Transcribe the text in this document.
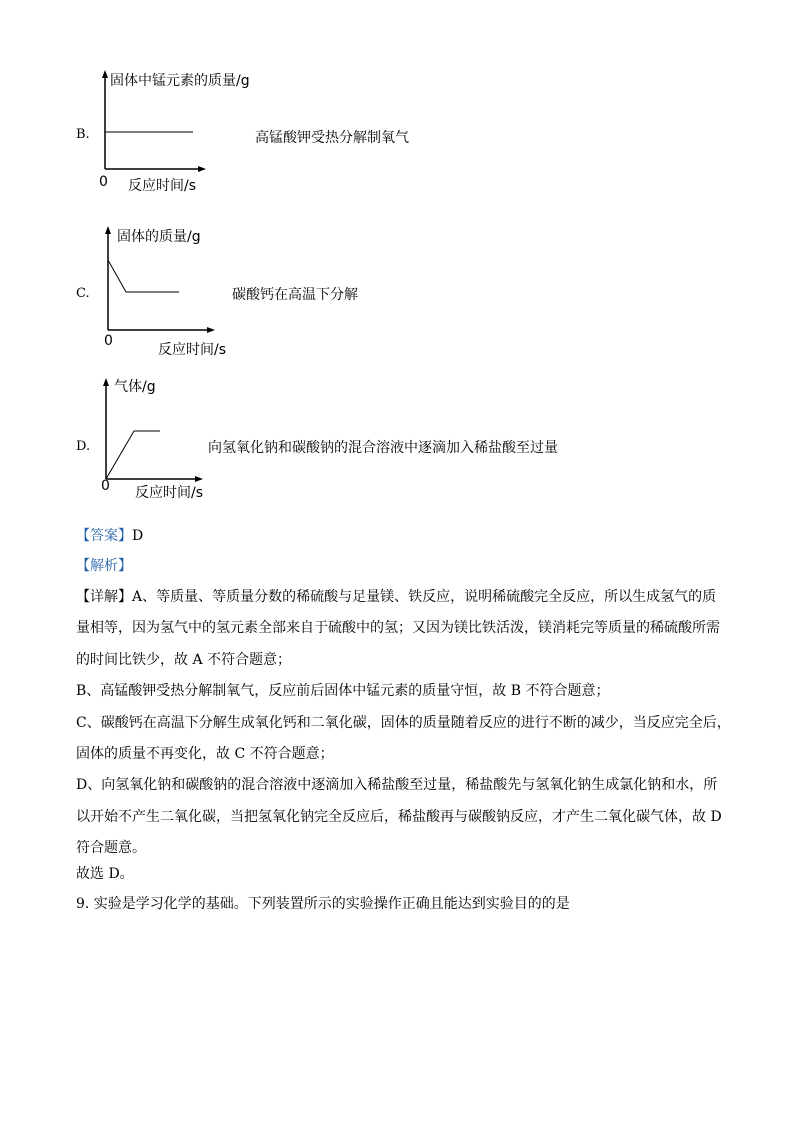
B.
固体中锰元素的质量/g
0 反应时间/s
高锰酸钾受热分解制氧气
C.
固体的质量/g
0
反应时间/s
碳酸钙在高温下分解
D.
气体/g
0 反应时间/s
向氢氧化钠和碳酸钠的混合溶液中逐滴加入稀盐酸至过量
【答案】D
【解析】
【详解】A、等质量、等质量分数的稀硫酸与足量镁、铁反应，说明稀硫酸完全反应，所以生成氢气的质
量相等，因为氢气中的氢元素全部来自于硫酸中的氢；又因为镁比铁活泼，镁消耗完等质量的稀硫酸所需
的时间比铁少，故 A 不符合题意；
B、高锰酸钾受热分解制氧气，反应前后固体中锰元素的质量守恒，故 B 不符合题意；
C、碳酸钙在高温下分解生成氧化钙和二氧化碳，固体的质量随着反应的进行不断的减少，当反应完全后，
固体的质量不再变化，故 C 不符合题意；
D、向氢氧化钠和碳酸钠的混合溶液中逐滴加入稀盐酸至过量，稀盐酸先与氢氧化钠生成氯化钠和水，所
以开始不产生二氧化碳，当把氢氧化钠完全反应后，稀盐酸再与碳酸钠反应，才产生二氧化碳气体，故 D
符合题意。
故选 D。
9. 实验是学习化学的基础。下列装置所示的实验操作正确且能达到实验目的的是
